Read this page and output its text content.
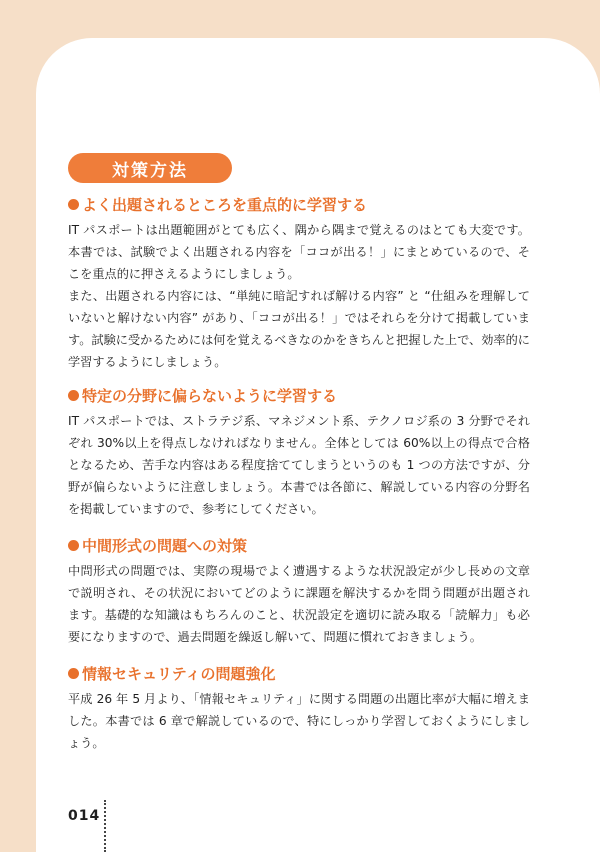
対策方法
よく出題されるところを重点的に学習する

IT パスポートは出題範囲がとても広く、隅から隅まで覚えるのはとても大変です。本書では、試験でよく出題される内容を「ココが出る！」にまとめているので、そこを重点的に押さえるようにしましょう。

また、出題される内容には、“単純に暗記すれば解ける内容” と “仕組みを理解していないと解けない内容” があり、「ココが出る！」ではそれらを分けて掲載しています。試験に受かるためには何を覚えるべきなのかをきちんと把握した上で、効率的に学習するようにしましょう。

特定の分野に偏らないように学習する

IT パスポートでは、ストラテジ系、マネジメント系、テクノロジ系の 3 分野でそれぞれ 30%以上を得点しなければなりません。全体としては 60%以上の得点で合格となるため、苦手な内容はある程度捨ててしまうというのも 1 つの方法ですが、分野が偏らないように注意しましょう。本書では各節に、解説している内容の分野名を掲載していますので、参考にしてください。

中間形式の問題への対策

中問形式の問題では、実際の現場でよく遭遇するような状況設定が少し長めの文章で説明され、その状況においてどのように課題を解決するかを問う問題が出題されます。基礎的な知識はもちろんのこと、状況設定を適切に読み取る「読解力」も必要になりますので、過去問題を繰返し解いて、問題に慣れておきましょう。

情報セキュリティの問題強化

平成 26 年 5 月より、「情報セキュリティ」に関する問題の出題比率が大幅に増えました。本書では 6 章で解説しているので、特にしっかり学習しておくようにしましょう。

014
